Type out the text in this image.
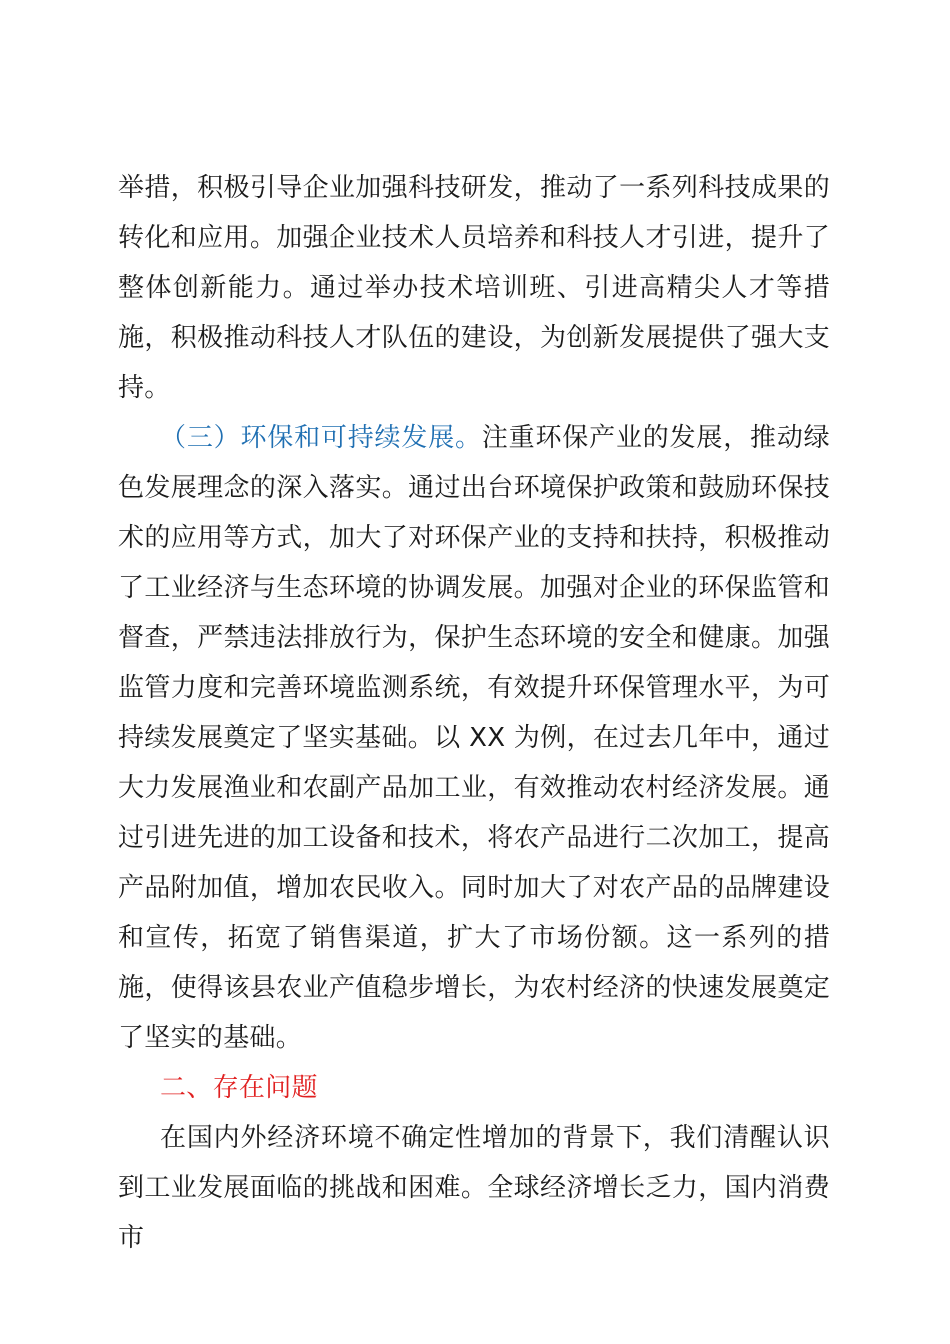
举措，积极引导企业加强科技研发，推动了一系列科技成果的转化和应用。加强企业技术人员培养和科技人才引进，提升了整体创新能力。通过举办技术培训班、引进高精尖人才等措施，积极推动科技人才队伍的建设，为创新发展提供了强大支持。

（三）环保和可持续发展。注重环保产业的发展，推动绿色发展理念的深入落实。通过出台环境保护政策和鼓励环保技术的应用等方式，加大了对环保产业的支持和扶持，积极推动了工业经济与生态环境的协调发展。加强对企业的环保监管和督查，严禁违法排放行为，保护生态环境的安全和健康。加强监管力度和完善环境监测系统，有效提升环保管理水平，为可持续发展奠定了坚实基础。以 XX 为例，在过去几年中，通过大力发展渔业和农副产品加工业，有效推动农村经济发展。通过引进先进的加工设备和技术，将农产品进行二次加工，提高产品附加值，增加农民收入。同时加大了对农产品的品牌建设和宣传，拓宽了销售渠道，扩大了市场份额。这一系列的措施，使得该县农业产值稳步增长，为农村经济的快速发展奠定了坚实的基础。

二、存在问题

在国内外经济环境不确定性增加的背景下，我们清醒认识到工业发展面临的挑战和困难。全球经济增长乏力，国内消费市
